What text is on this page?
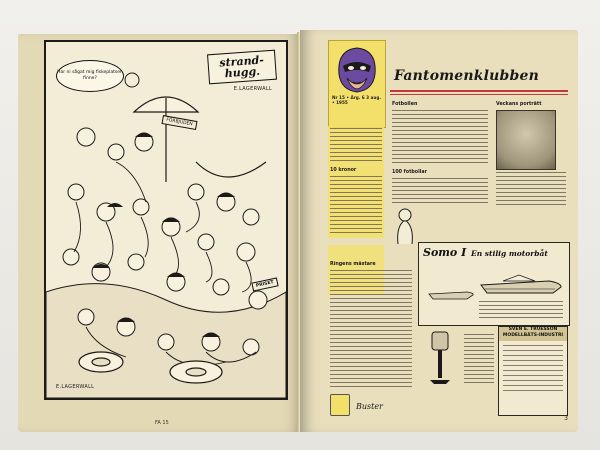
Har ni sågat mig fiskeplatsen finne?
strand-hugg.
E.LAGERWALL
FÖRBJUDEN
PRISET
E.LAGERWALL
FA 15
Nr 15 • Årg. 6 3 aug. • 1955
Fantomenklubben
Fotbollen
100 fotbollar
Veckans porträtt
10 kronor
Ringens mästare
Somo I En stilig motorbåt
SVEN E. TRUESSON MODELLBÅTS-INDUSTRI
Buster
3
